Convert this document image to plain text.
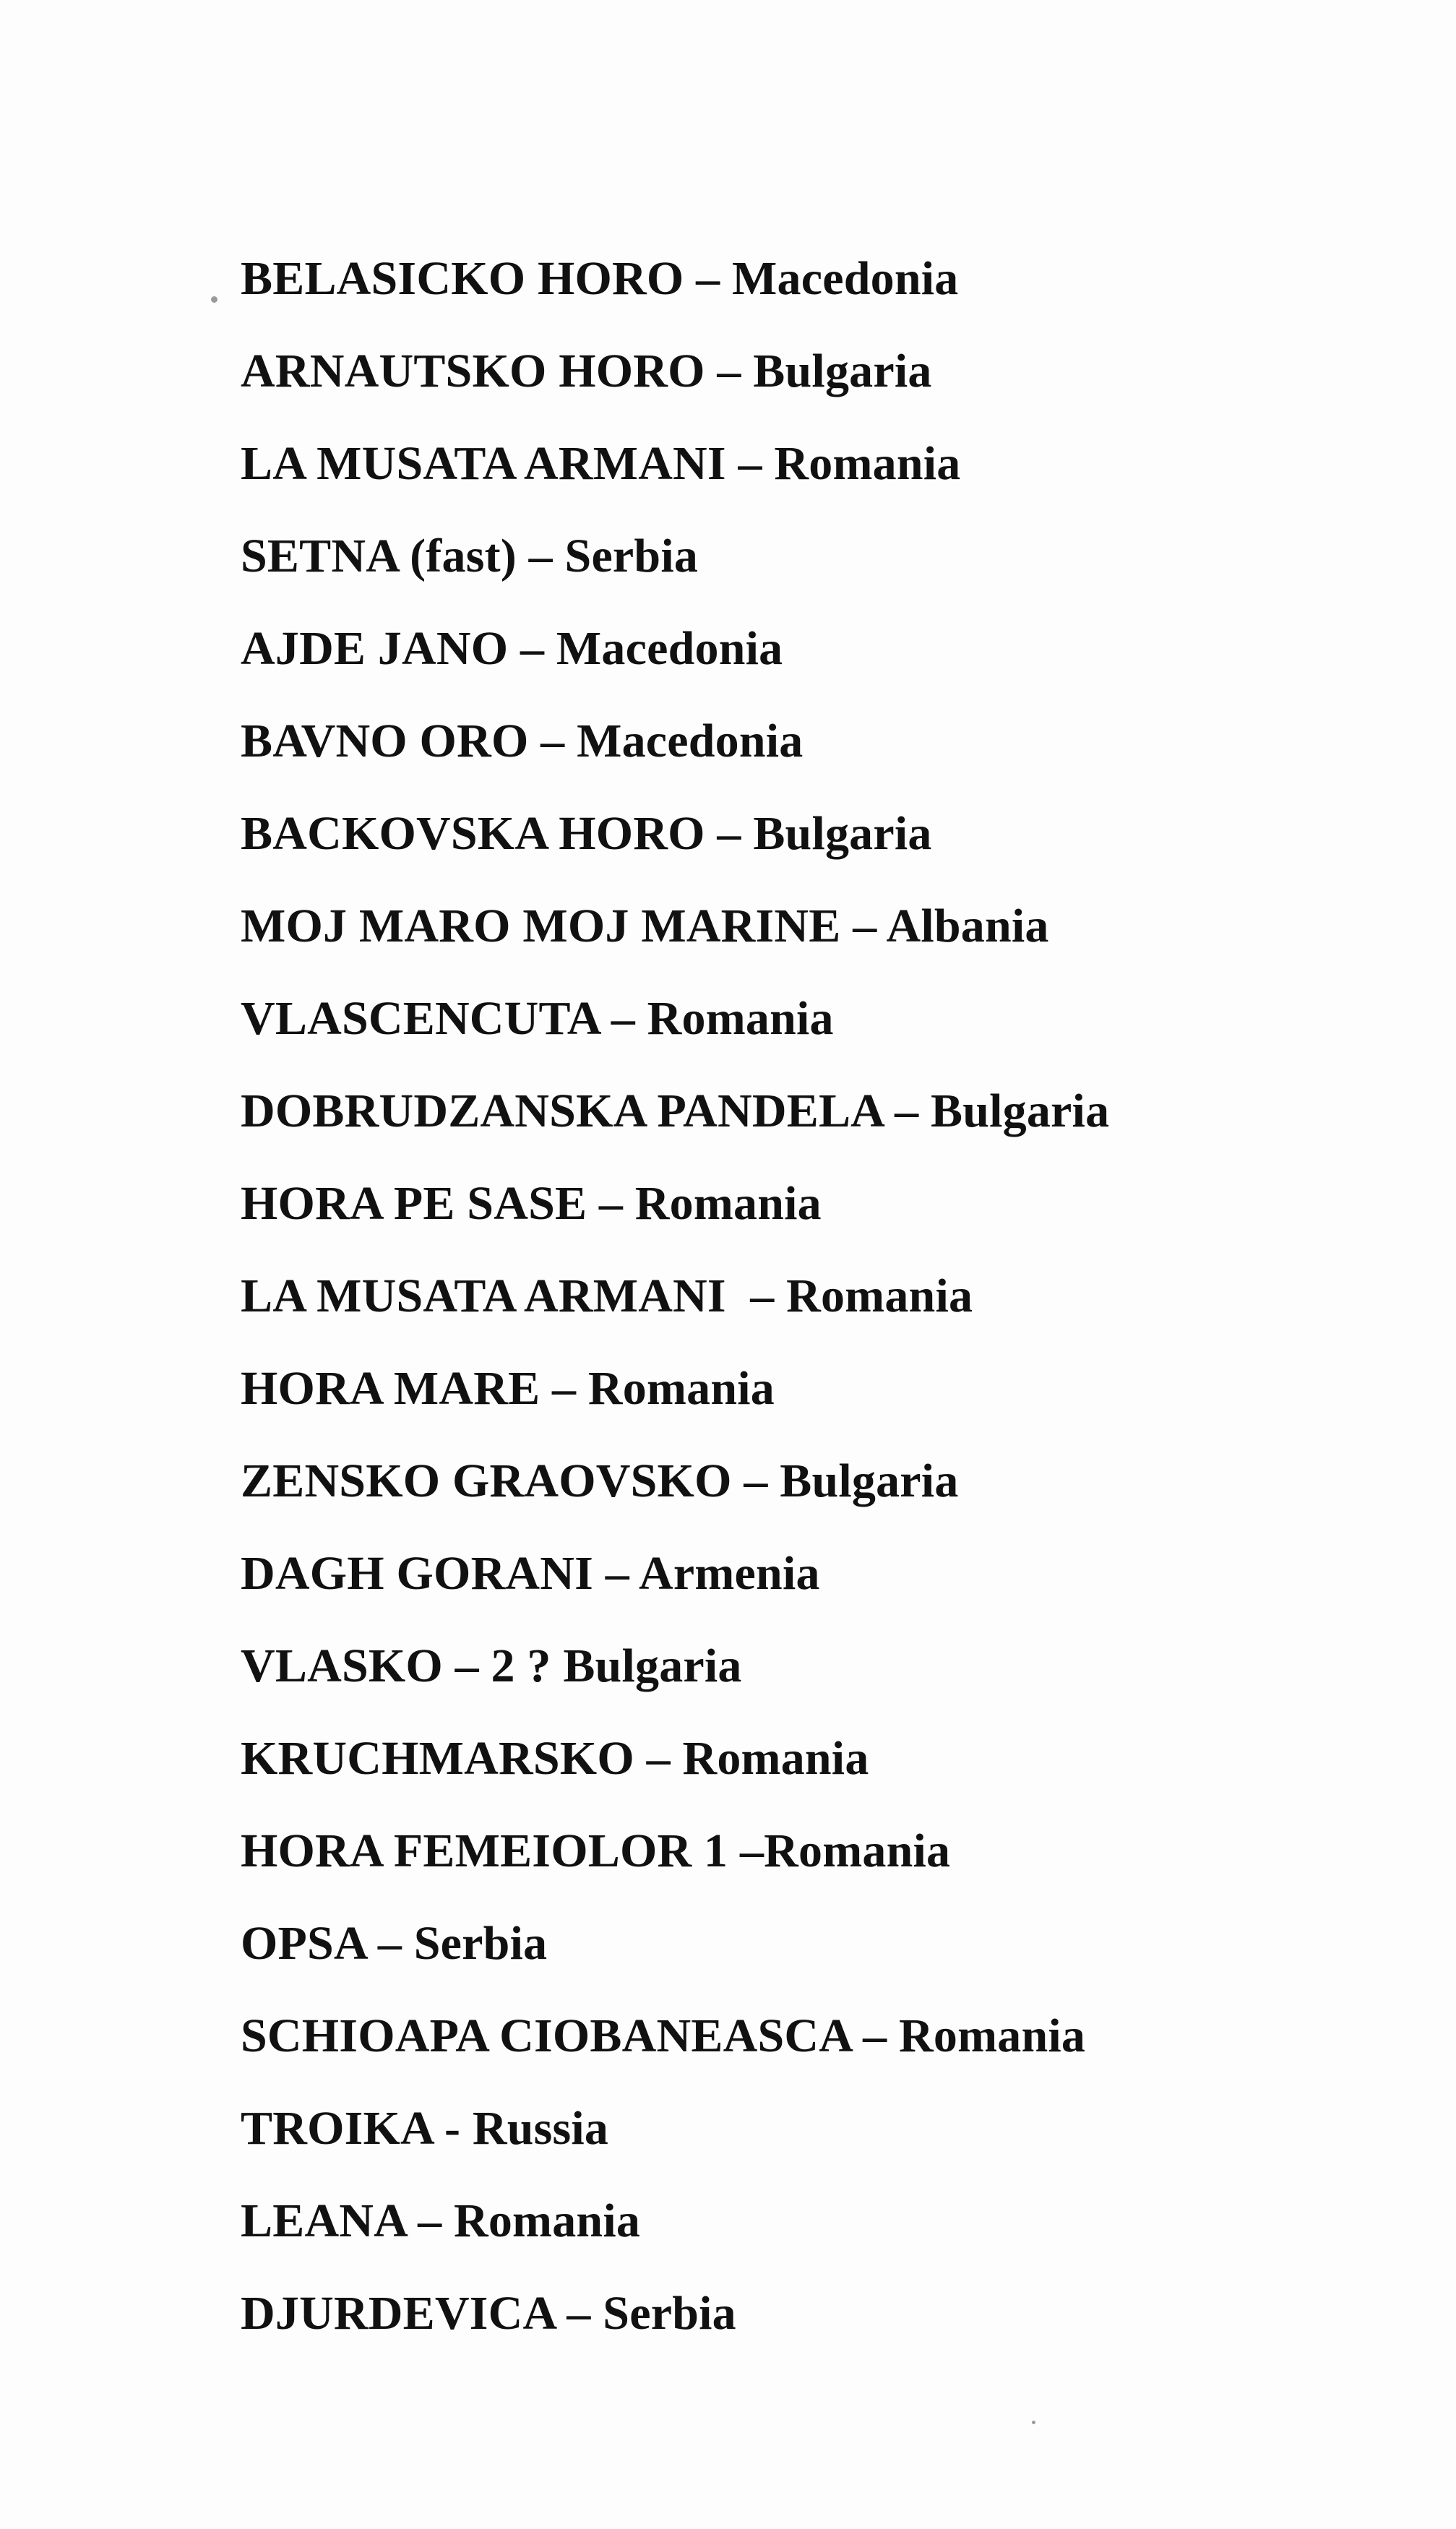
BELASICKO HORO – Macedonia
ARNAUTSKO HORO – Bulgaria
LA MUSATA ARMANI – Romania
SETNA (fast) – Serbia
AJDE JANO – Macedonia
BAVNO ORO – Macedonia
BACKOVSKA HORO – Bulgaria
MOJ MARO MOJ MARINE – Albania
VLASCENCUTA – Romania
DOBRUDZANSKA PANDELA – Bulgaria
HORA PE SASE – Romania
LA MUSATA ARMANI  – Romania
HORA MARE – Romania
ZENSKO GRAOVSKO – Bulgaria
DAGH GORANI – Armenia
VLASKO – 2 ? Bulgaria
KRUCHMARSKO – Romania
HORA FEMEIOLOR 1 –Romania
OPSA – Serbia
SCHIOAPA CIOBANEASCA – Romania
TROIKA - Russia
LEANA – Romania
DJURDEVICA – Serbia
